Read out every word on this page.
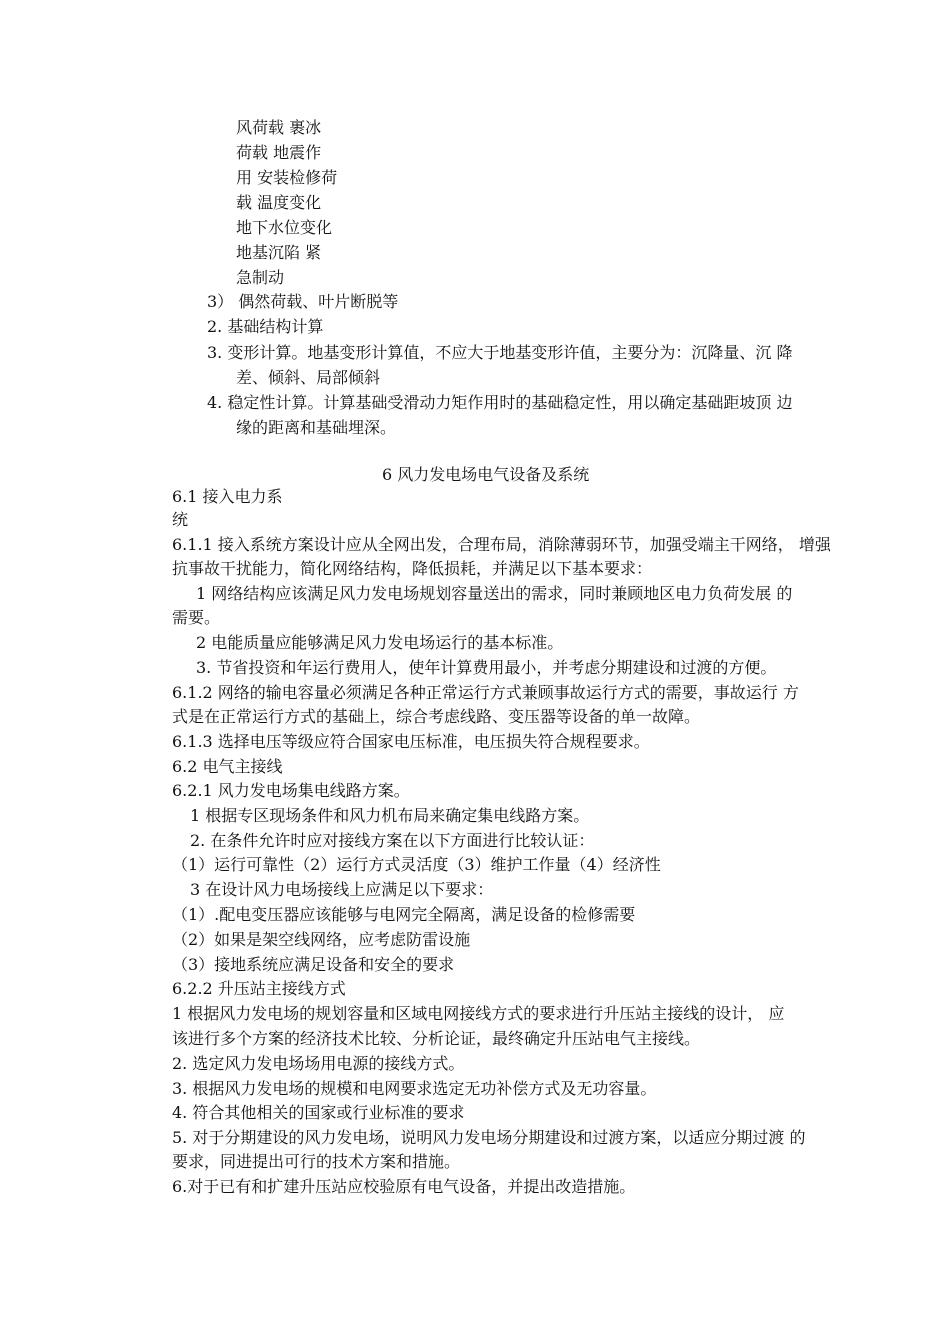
风荷载 裹冰
荷载 地震作
用 安装检修荷
载 温度变化
地下水位变化
地基沉陷 紧
急制动
3） 偶然荷载、叶片断脱等
2. 基础结构计算
3. 变形计算。地基变形计算值，不应大于地基变形许值，主要分为：沉降量、沉 降
差、倾斜、局部倾斜
4. 稳定性计算。计算基础受滑动力矩作用时的基础稳定性，用以确定基础距坡顶 边
缘的距离和基础埋深。
6 风力发电场电气设备及系统
6.1 接入电力系
统
6.1.1 接入系统方案设计应从全网出发，合理布局，消除薄弱环节，加强受端主干网络， 增强
抗事故干扰能力，简化网络结构，降低损耗，并满足以下基本要求：
1 网络结构应该满足风力发电场规划容量送出的需求，同时兼顾地区电力负荷发展 的
需要。
2 电能质量应能够满足风力发电场运行的基本标准。
3. 节省投资和年运行费用人，使年计算费用最小，并考虑分期建设和过渡的方便。
6.1.2 网络的输电容量必须满足各种正常运行方式兼顾事故运行方式的需要，事故运行 方
式是在正常运行方式的基础上，综合考虑线路、变压器等设备的单一故障。
6.1.3 选择电压等级应符合国家电压标准，电压损失符合规程要求。
6.2 电气主接线
6.2.1 风力发电场集电线路方案。
1 根据专区现场条件和风力机布局来确定集电线路方案。
2. 在条件允许时应对接线方案在以下方面进行比较认证：
（1）运行可靠性（2）运行方式灵活度（3）维护工作量（4）经济性
3 在设计风力电场接线上应满足以下要求：
（1）.配电变压器应该能够与电网完全隔离，满足设备的检修需要
（2）如果是架空线网络，应考虑防雷设施
（3）接地系统应满足设备和安全的要求
6.2.2 升压站主接线方式
1 根据风力发电场的规划容量和区域电网接线方式的要求进行升压站主接线的设计， 应
该进行多个方案的经济技术比较、分析论证，最终确定升压站电气主接线。
2. 选定风力发电场场用电源的接线方式。
3. 根据风力发电场的规模和电网要求选定无功补偿方式及无功容量。
4. 符合其他相关的国家或行业标准的要求
5. 对于分期建设的风力发电场，说明风力发电场分期建设和过渡方案，以适应分期过渡 的
要求，同进提出可行的技术方案和措施。
6.对于已有和扩建升压站应校验原有电气设备，并提出改造措施。
